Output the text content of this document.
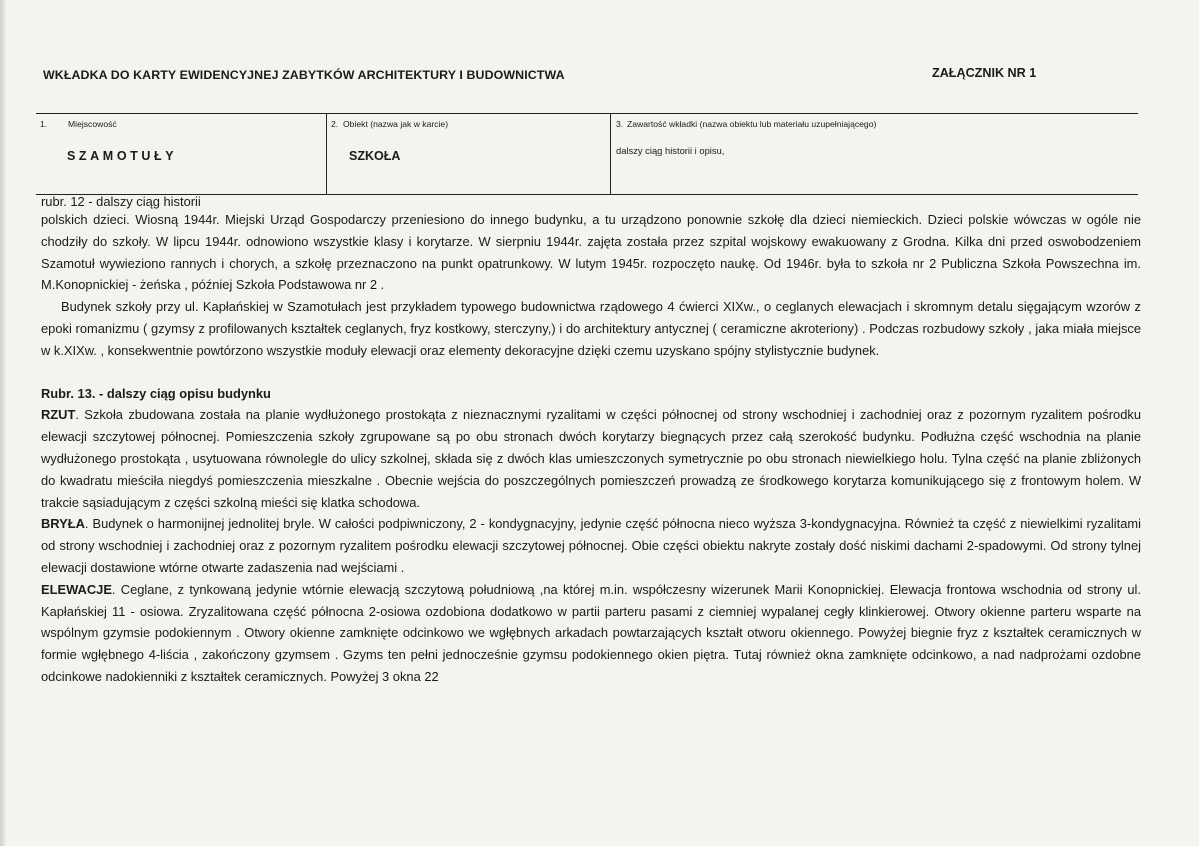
WKŁADKA DO KARTY EWIDENCYJNEJ ZABYTKÓW ARCHITEKTURY I BUDOWNICTWA	ZAŁĄCZNIK NR 1
1. Miejscowość
SZAMOTUŁY
2. Obiekt (nazwa jak w karcie)
SZKOŁA
3. Zawartość wkładki (nazwa obiektu lub materiału uzupełniającego)
dalszy ciąg historii i opisu,

rubr. 12 - dalszy ciąg historii

polskich dzieci. Wiosną 1944r. Miejski Urząd Gospodarczy przeniesiono do innego budynku, a tu urządzono ponownie szkołę dla dzieci niemieckich. Dzieci polskie wówczas w ogóle nie chodziły do szkoły. W lipcu 1944r. odnowiono wszystkie klasy i korytarze. W sierpniu 1944r. zajęta została przez szpital wojskowy ewakuowany z Grodna. Kilka dni przed oswobodzeniem Szamotuł wywieziono rannych i chorych, a szkołę przeznaczono na punkt opatrunkowy. W lutym 1945r. rozpoczęto naukę. Od 1946r. była to szkoła nr 2 Publiczna Szkoła Powszechna im. M.Konopnickiej - żeńska , później Szkoła Podstawowa nr 2 .

Budynek szkoły przy ul. Kapłańskiej w Szamotułach jest przykładem typowego budownictwa rządowego 4 ćwierci XIXw., o ceglanych elewacjach i skromnym detalu sięgającym wzorów z epoki romanizmu ( gzymsy z profilowanych kształtek ceglanych, fryz kostkowy, sterczyny,) i do architektury antycznej ( ceramiczne akroteriony) . Podczas rozbudowy szkoły , jaka miała miejsce w k.XIXw. , konsekwentnie powtórzono wszystkie moduły elewacji oraz elementy dekoracyjne dzięki czemu uzyskano spójny stylistycznie budynek.

Rubr. 13. - dalszy ciąg opisu budynku

RZUT. Szkoła zbudowana została na planie wydłużonego prostokąta z nieznacznymi ryzalitami w części północnej od strony wschodniej i zachodniej oraz z pozornym ryzalitem pośrodku elewacji szczytowej północnej. Pomieszczenia szkoły zgrupowane są po obu stronach dwóch korytarzy biegnących przez całą szerokość budynku. Podłużna część wschodnia na planie wydłużonego prostokąta , usytuowana równolegle do ulicy szkolnej, składa się z dwóch klas umieszczonych symetrycznie po obu stronach niewielkiego holu. Tylna część na planie zbliżonych do kwadratu mieściła niegdyś pomieszczenia mieszkalne . Obecnie wejścia do poszczególnych pomieszczeń prowadzą ze środkowego korytarza komunikującego się z frontowym holem. W trakcie sąsiadującym z części szkolną mieści się klatka schodowa.

BRYŁA. Budynek o harmonijnej jednolitej bryle. W całości podpiwniczony, 2 - kondygnacyjny, jedynie część północna nieco wyższa 3-kondygnacyjna. Również ta część z niewielkimi ryzalitami od strony wschodniej i zachodniej oraz z pozornym ryzalitem pośrodku elewacji szczytowej północnej. Obie części obiektu nakryte zostały dość niskimi dachami 2-spadowymi. Od strony tylnej elewacji dostawione wtórne otwarte zadaszenia nad wejściami .

ELEWACJE. Ceglane, z tynkowaną jedynie wtórnie elewacją szczytową południową ,na której m.in. współczesny wizerunek Marii Konopnickiej. Elewacja frontowa wschodnia od strony ul. Kapłańskiej 11 - osiowa. Zryzalitowana część północna 2-osiowa ozdobiona dodatkowo w partii parteru pasami z ciemniej wypalanej cegły klinkierowej. Otwory okienne parteru wsparte na wspólnym gzymsie podokiennym . Otwory okienne zamknięte odcinkowo we wgłębnych arkadach powtarzających kształt otworu okiennego. Powyżej biegnie fryz z kształtek ceramicznych w formie wgłębnego 4-liścia , zakończony gzymsem . Gzyms ten pełni jednocześnie gzymsu podokiennego okien piętra. Tutaj również okna zamknięte odcinkowo, a nad nadprożami ozdobne odcinkowe nadokienniki z kształtek ceramicznych. Powyżej 3 okna 22
